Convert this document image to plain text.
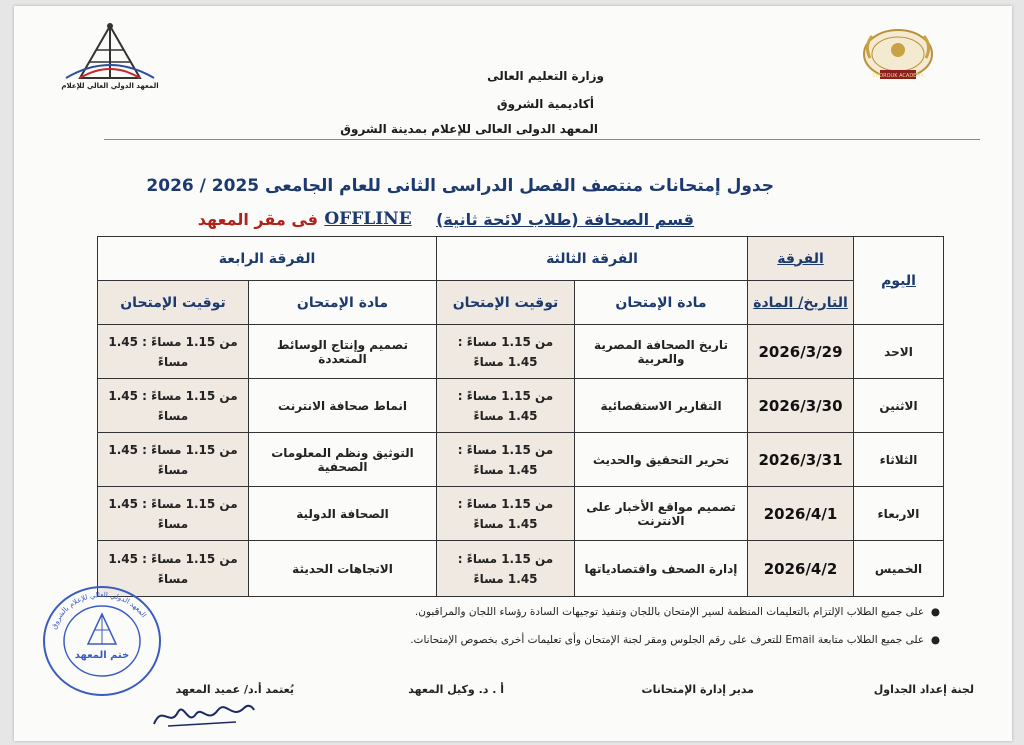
SHOROUK ACADEMY
المعهد الدولي العالي للإعلام
وزارة التعليم العالى
أكاديمية الشروق
المعهد الدولى العالى للإعلام بمدينة الشروق
جدول إمتحانات منتصف الفصل الدراسى الثانى للعام الجامعى 2025 / 2026
قسم الصحافة (طلاب لائحة ثانية)
OFFLINE
فى مقر المعهد
اليوم	الفرقة	الفرقة الثالثة		الفرقة الرابعة	
	التاريخ/ المادة	مادة الإمتحان	توقيت الإمتحان	مادة الإمتحان	توقيت الإمتحان
الاحد	2026/3/29	تاريخ الصحافة المصرية والعربية	من 1.15 مساءً : 1.45 مساءً	تصميم وإنتاج الوسائط المتعددة	من 1.15 مساءً : 1.45 مساءً
الاثنين	2026/3/30	التقارير الاستقصائية	من 1.15 مساءً : 1.45 مساءً	انماط صحافة الانترنت	من 1.15 مساءً : 1.45 مساءً
الثلاثاء	2026/3/31	تحرير التحقيق والحديث	من 1.15 مساءً : 1.45 مساءً	التوثيق ونظم المعلومات الصحفية	من 1.15 مساءً : 1.45 مساءً
الاربعاء	2026/4/1	تصميم مواقع الأخبار على الانترنت	من 1.15 مساءً : 1.45 مساءً	الصحافة الدولية	من 1.15 مساءً : 1.45 مساءً
الخميس	2026/4/2	إدارة الصحف واقتصادياتها	من 1.15 مساءً : 1.45 مساءً	الاتجاهات الحديثة	من 1.15 مساءً : 1.45 مساءً
●  على جميع الطلاب الإلتزام بالتعليمات المنظمة لسير الإمتحان باللجان وتنفيذ توجيهات السادة رؤساء اللجان والمراقبون.
●  على جميع الطلاب متابعة Email للتعرف على رقم الجلوس ومقر لجنة الإمتحان وأى تعليمات أخرى بخصوص الإمتحانات.
لجنة إعداد الجداول
مدير إدارة الإمتحانات
أ . د. وكيل المعهد
يُعتمد أ.د/ عميد المعهد
ختم المعهد
المعهد الدولي العالي للإعلام بالشروق
